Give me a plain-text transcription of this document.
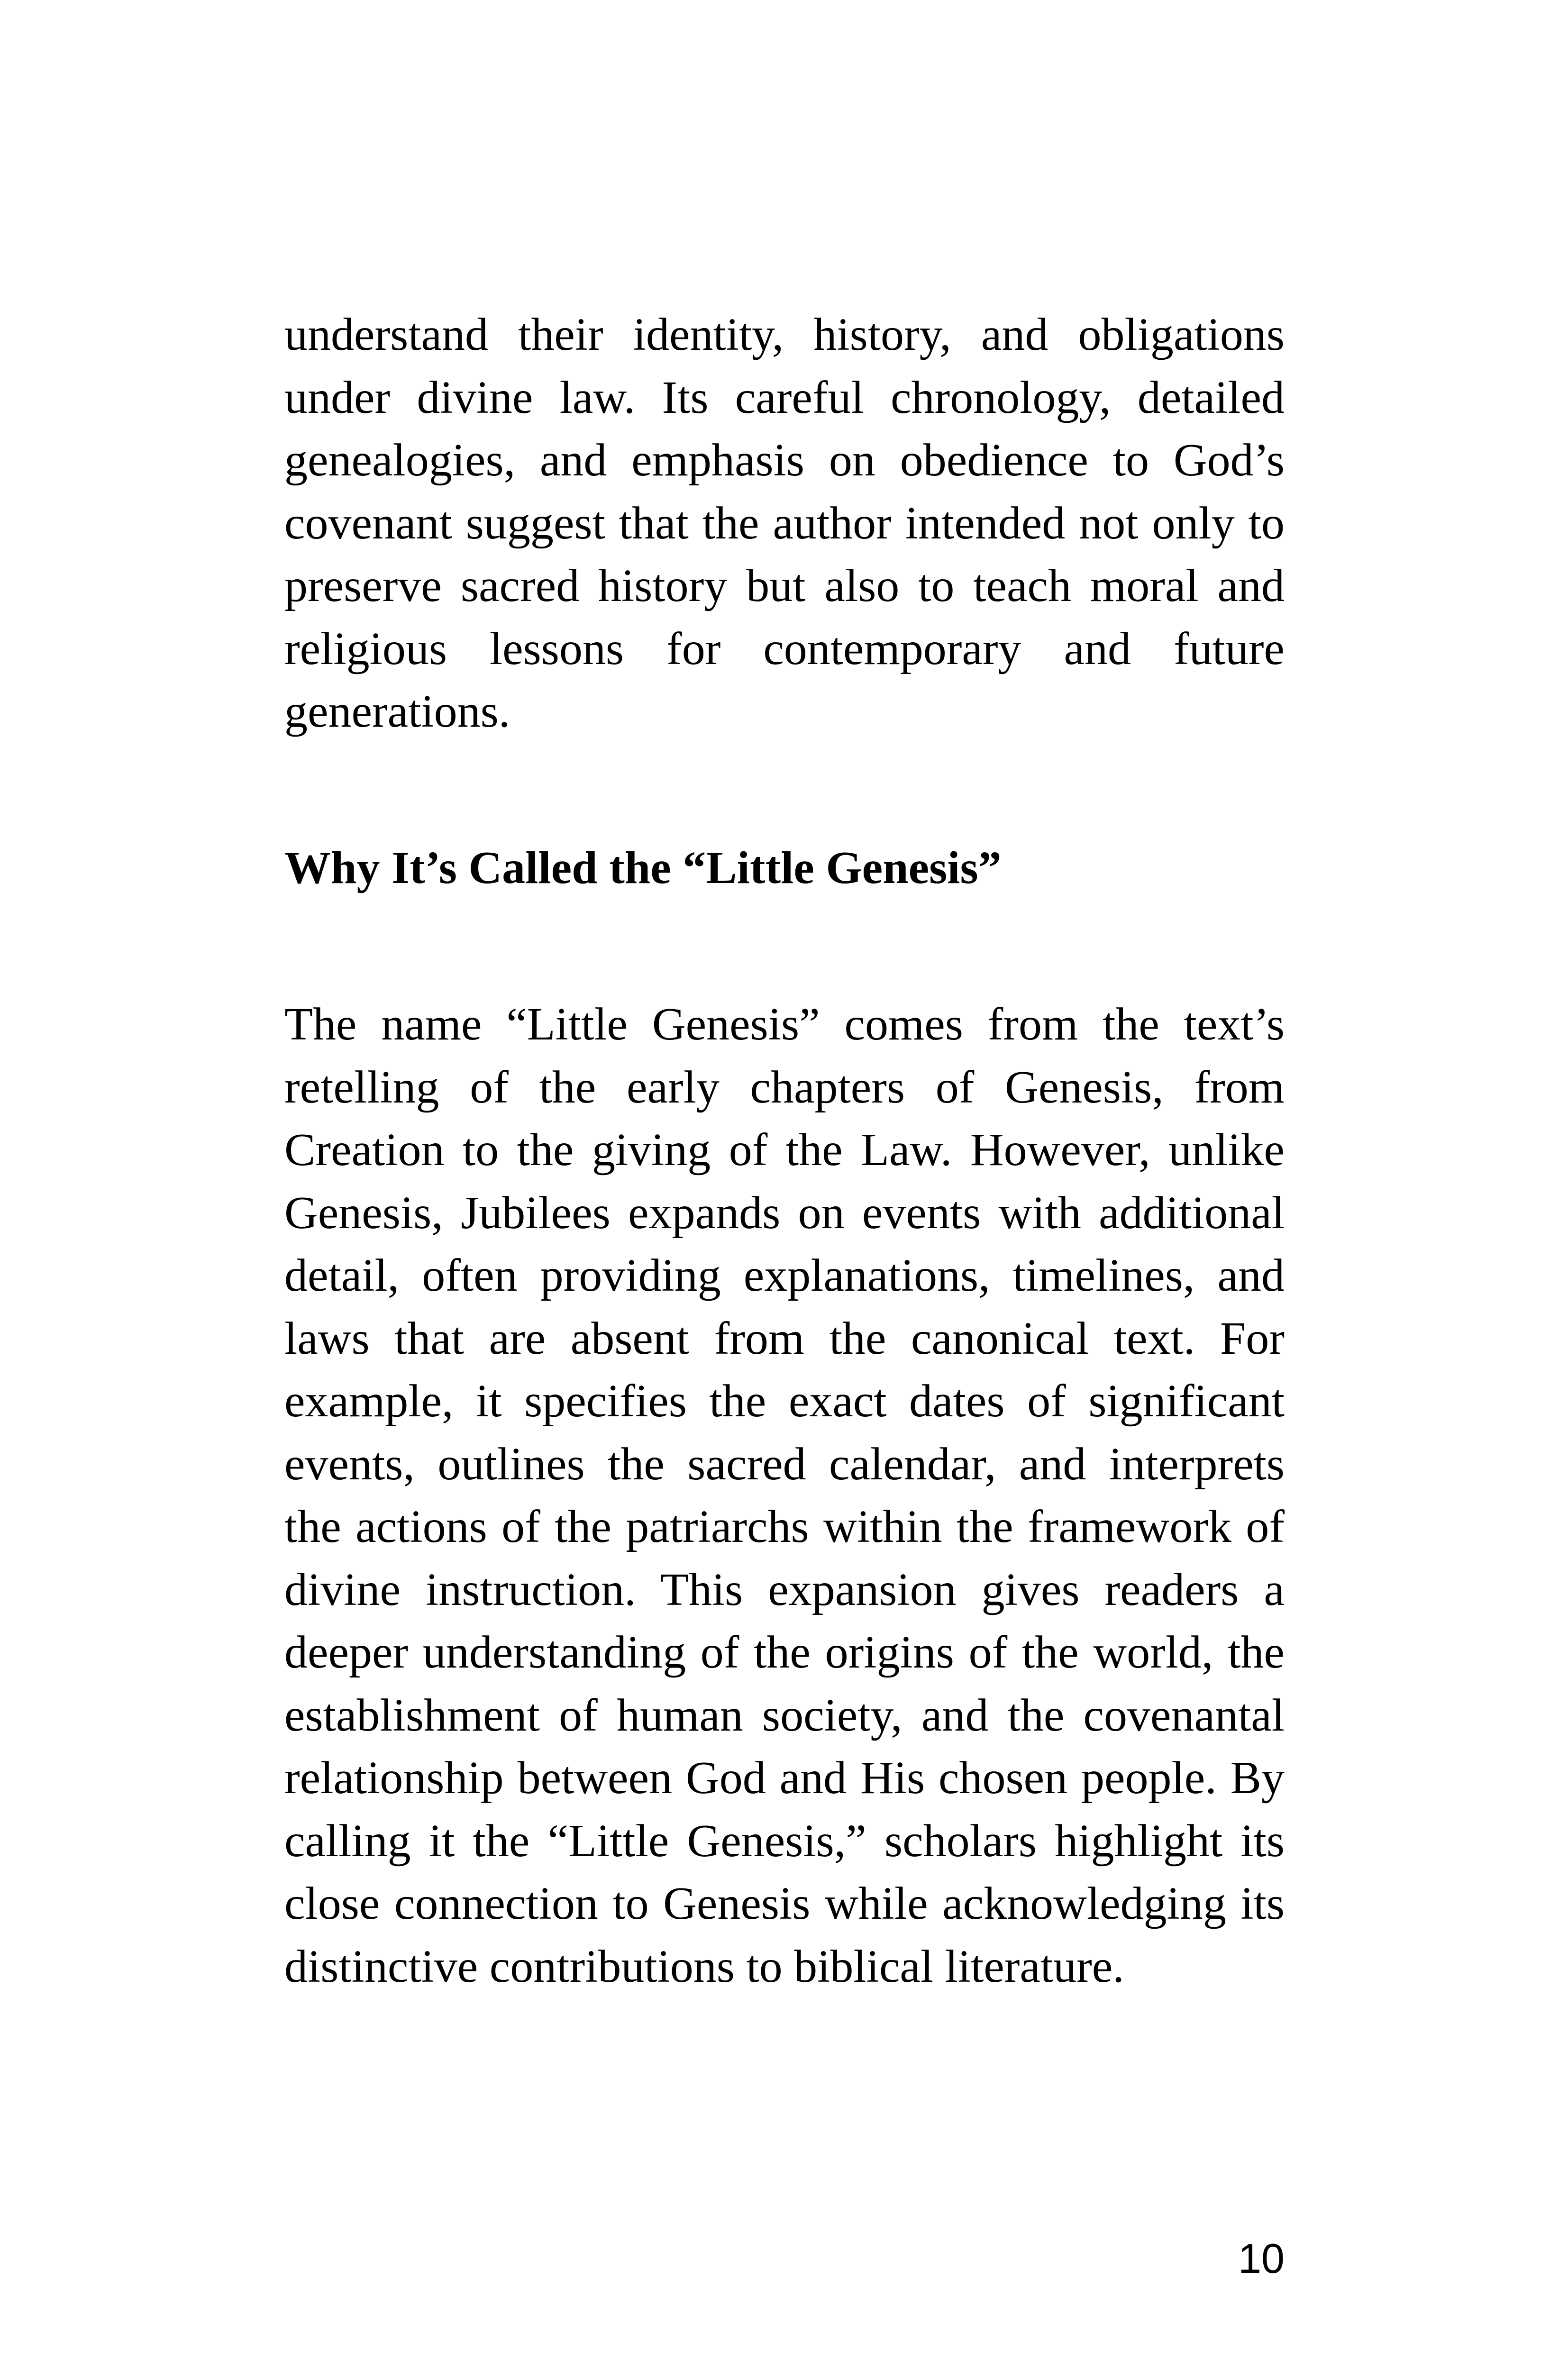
understand their identity, history, and obligations under divine law. Its careful chronology, detailed genealogies, and emphasis on obedience to God’s covenant suggest that the author intended not only to preserve sacred history but also to teach moral and religious lessons for contemporary and future generations.

Why It’s Called the “Little Genesis”

The name “Little Genesis” comes from the text’s retelling of the early chapters of Genesis, from Creation to the giving of the Law. However, unlike Genesis, Jubilees expands on events with additional detail, often providing explanations, timelines, and laws that are absent from the canonical text. For example, it specifies the exact dates of significant events, outlines the sacred calendar, and interprets the actions of the patriarchs within the framework of divine instruction. This expansion gives readers a deeper understanding of the origins of the world, the establishment of human society, and the covenantal relationship between God and His chosen people. By calling it the “Little Genesis,” scholars highlight its close connection to Genesis while acknowledging its distinctive contributions to biblical literature.

10
